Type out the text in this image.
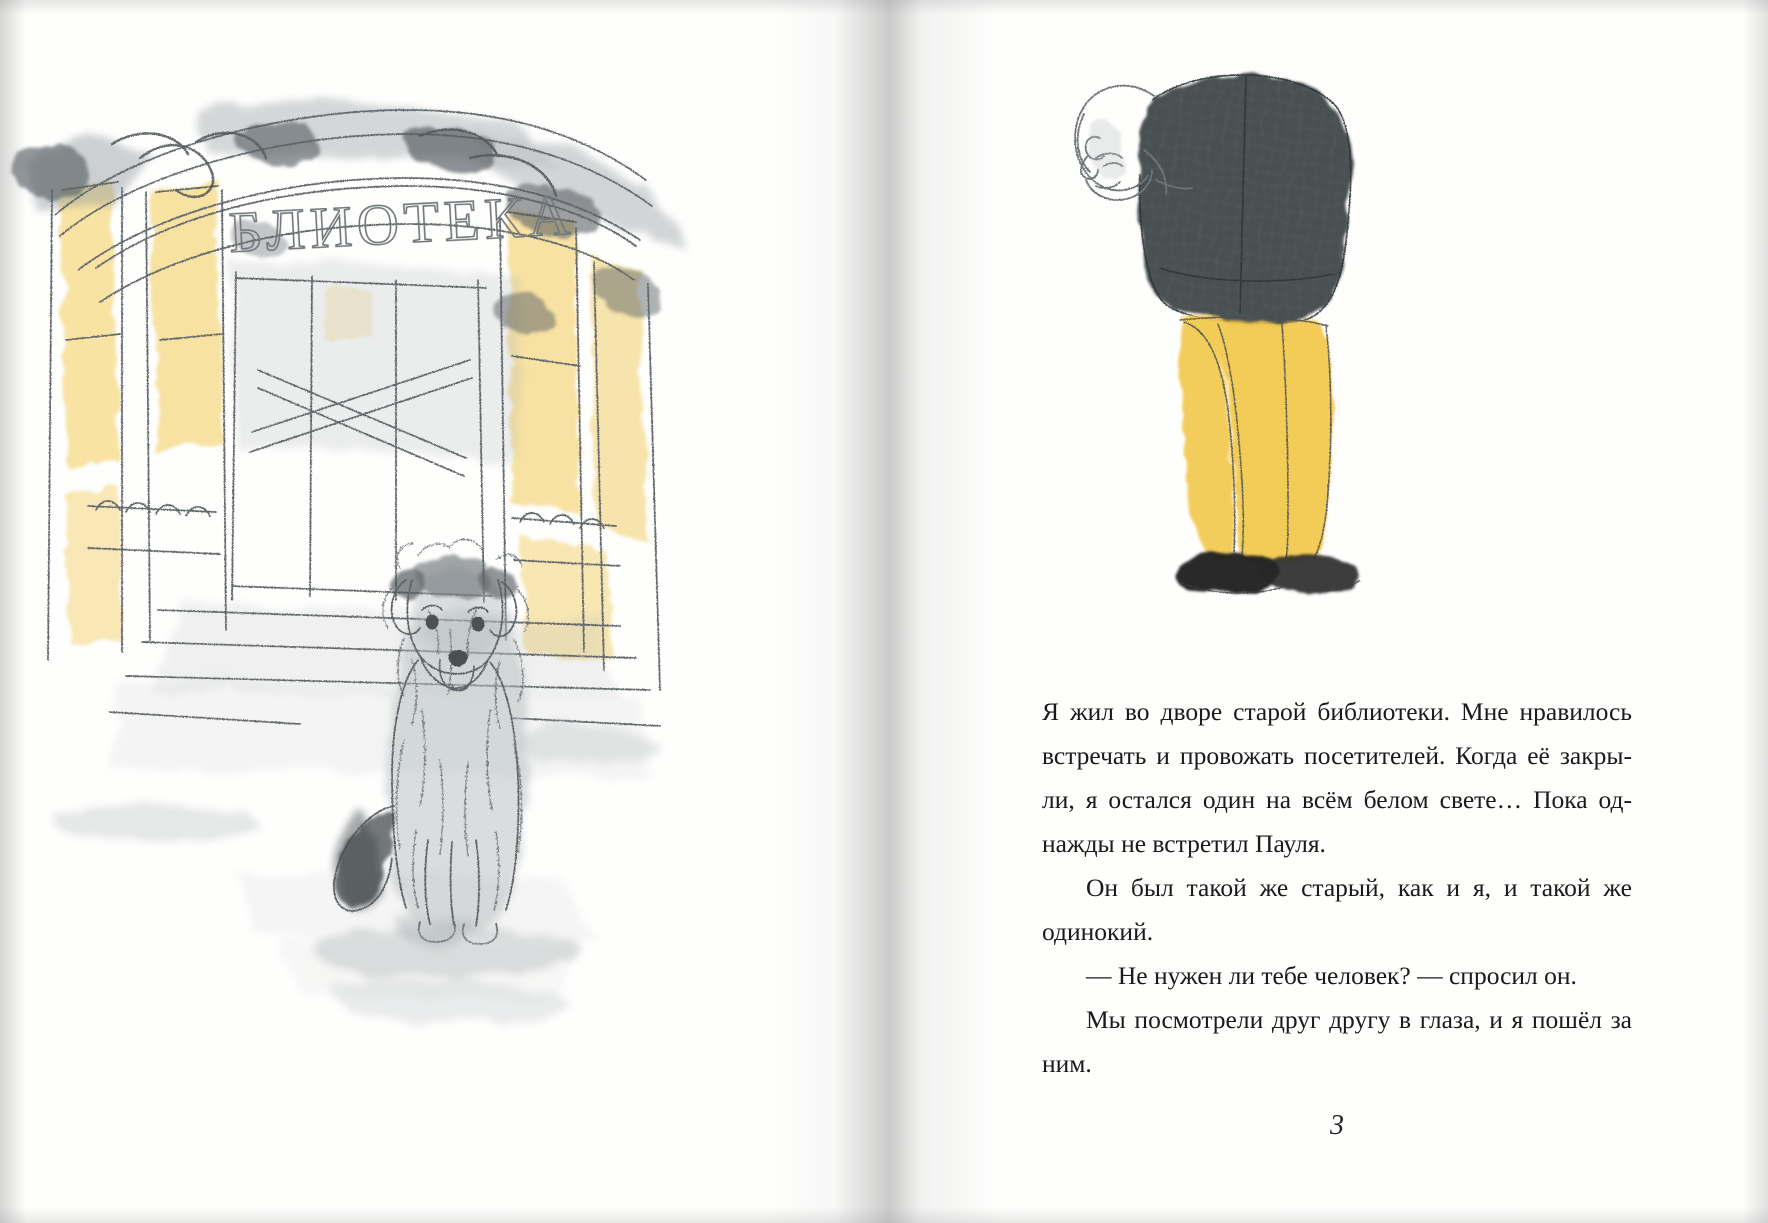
БЛИОТЕКА

Я жил во дворе старой библиотеки. Мне нравилось встречать и провожать посетителей. Когда её закрыли, я остался один на всём белом свете… Пока однажды не встретил Пауля.

Он был такой же старый, как и я, и такой же одинокий.

— Не нужен ли тебе человек? — спросил он.

Мы посмотрели друг другу в глаза, и я пошёл за ним.

3
